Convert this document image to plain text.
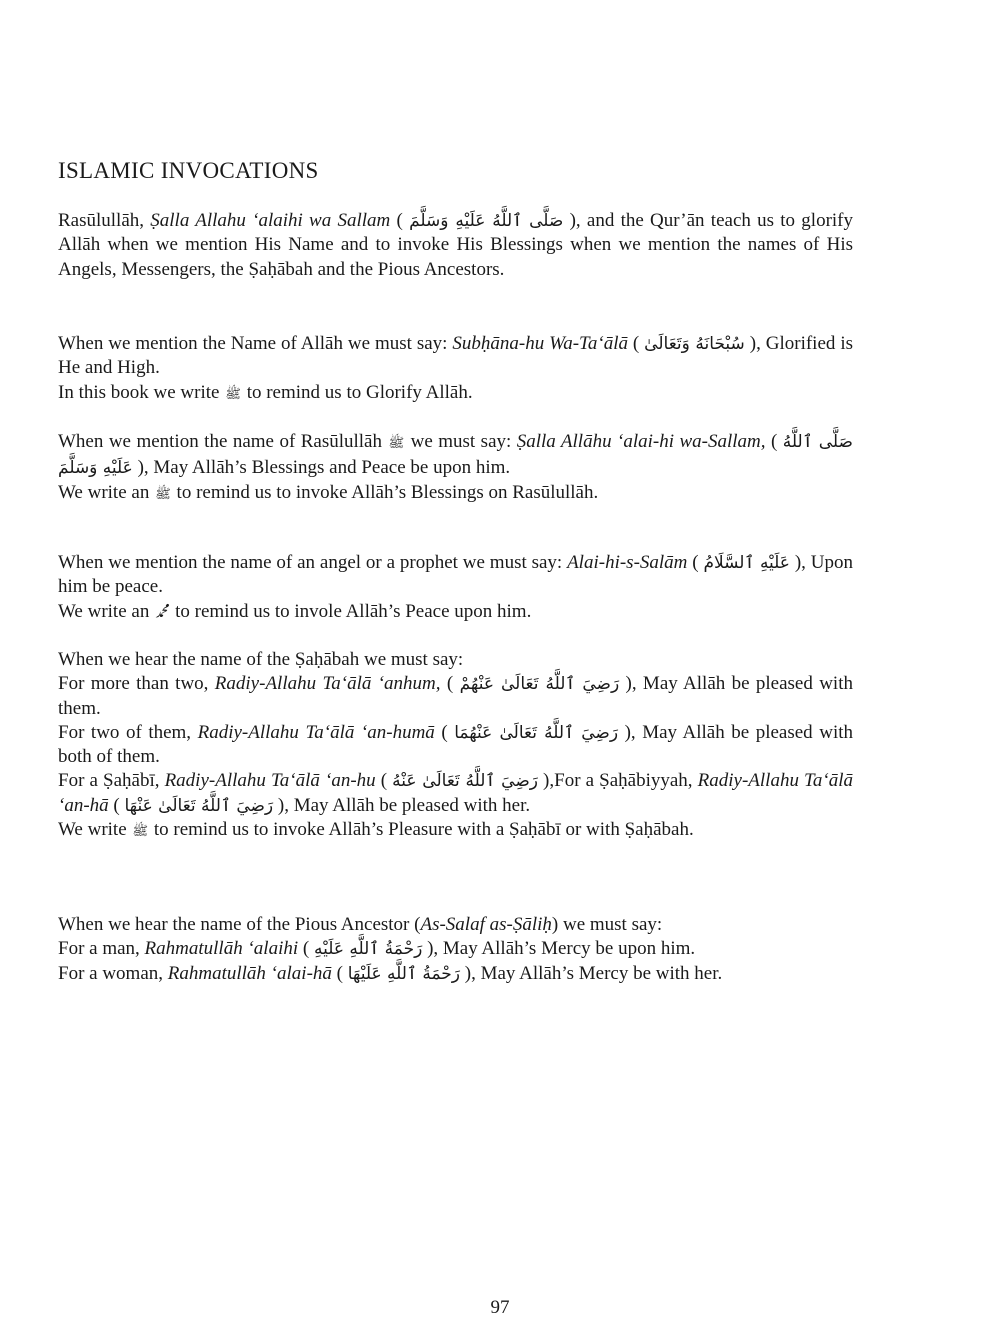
ISLAMIC INVOCATIONS

Rasūlullāh, Ṣalla Allahu ‘alaihi wa Sallam ( صَلَّى ٱللَّهُ عَلَيْهِ وَسَلَّمَ ), and the Qur’ān teach us to glorify Allāh when we mention His Name and to invoke His Blessings when we mention the names of His Angels, Messengers, the Ṣaḥābah and the Pious Ancestors.

When we mention the Name of Allāh we must say: Subḥāna-hu Wa-Ta‘ālā ( سُبْحَانَهُ وَتَعَالَىٰ ), Glorified is He and High.

In this book we write ﷺ to remind us to Glorify Allāh.

When we mention the name of Rasūlullāh ﷺ we must say: Ṣalla Allāhu ‘alai-hi wa-Sallam, ( صَلَّى ٱللَّهُ عَلَيْهِ وَسَلَّمَ ), May Allāh’s Blessings and Peace be upon him.

We write an ﷺ to remind us to invoke Allāh’s Blessings on Rasūlullāh.

When we mention the name of an angel or a prophet we must say: Alai-hi-s-Salām ( عَلَيْهِ ٱلسَّلَامُ ), Upon him be peace.

We write an ﷴ to remind us to invole Allāh’s Peace upon him.

When we hear the name of the Ṣaḥābah we must say:

For more than two, Radiy-Allahu Ta‘ālā ‘anhum, ( رَضِيَ ٱللَّهُ تَعَالَىٰ عَنْهُمْ ), May Allāh be pleased with them.

For two of them, Radiy-Allahu Ta‘ālā ‘an-humā ( رَضِيَ ٱللَّهُ تَعَالَىٰ عَنْهُمَا ), May Allāh be pleased with both of them.

For a Ṣaḥābī, Radiy-Allahu Ta‘ālā ‘an-hu ( رَضِيَ ٱللَّهُ تَعَالَىٰ عَنْهُ ),For a Ṣaḥābiyyah, Radiy-Allahu Ta‘ālā ‘an-hā ( رَضِيَ ٱللَّهُ تَعَالَىٰ عَنْهَا ), May Allāh be pleased with her.

We write ﷺ to remind us to invoke Allāh’s Pleasure with a Ṣaḥābī or with Ṣaḥābah.

When we hear the name of the Pious Ancestor (As-Salaf as-Ṣāliḥ) we must say:

For a man, Rahmatullāh ‘alaihi ( رَحْمَةُ ٱللَّهِ عَلَيْهِ ), May Allāh’s Mercy be upon him.

For a woman, Rahmatullāh ‘alai-hā ( رَحْمَةُ ٱللَّهِ عَلَيْهَا ), May Allāh’s Mercy be with her.

97
